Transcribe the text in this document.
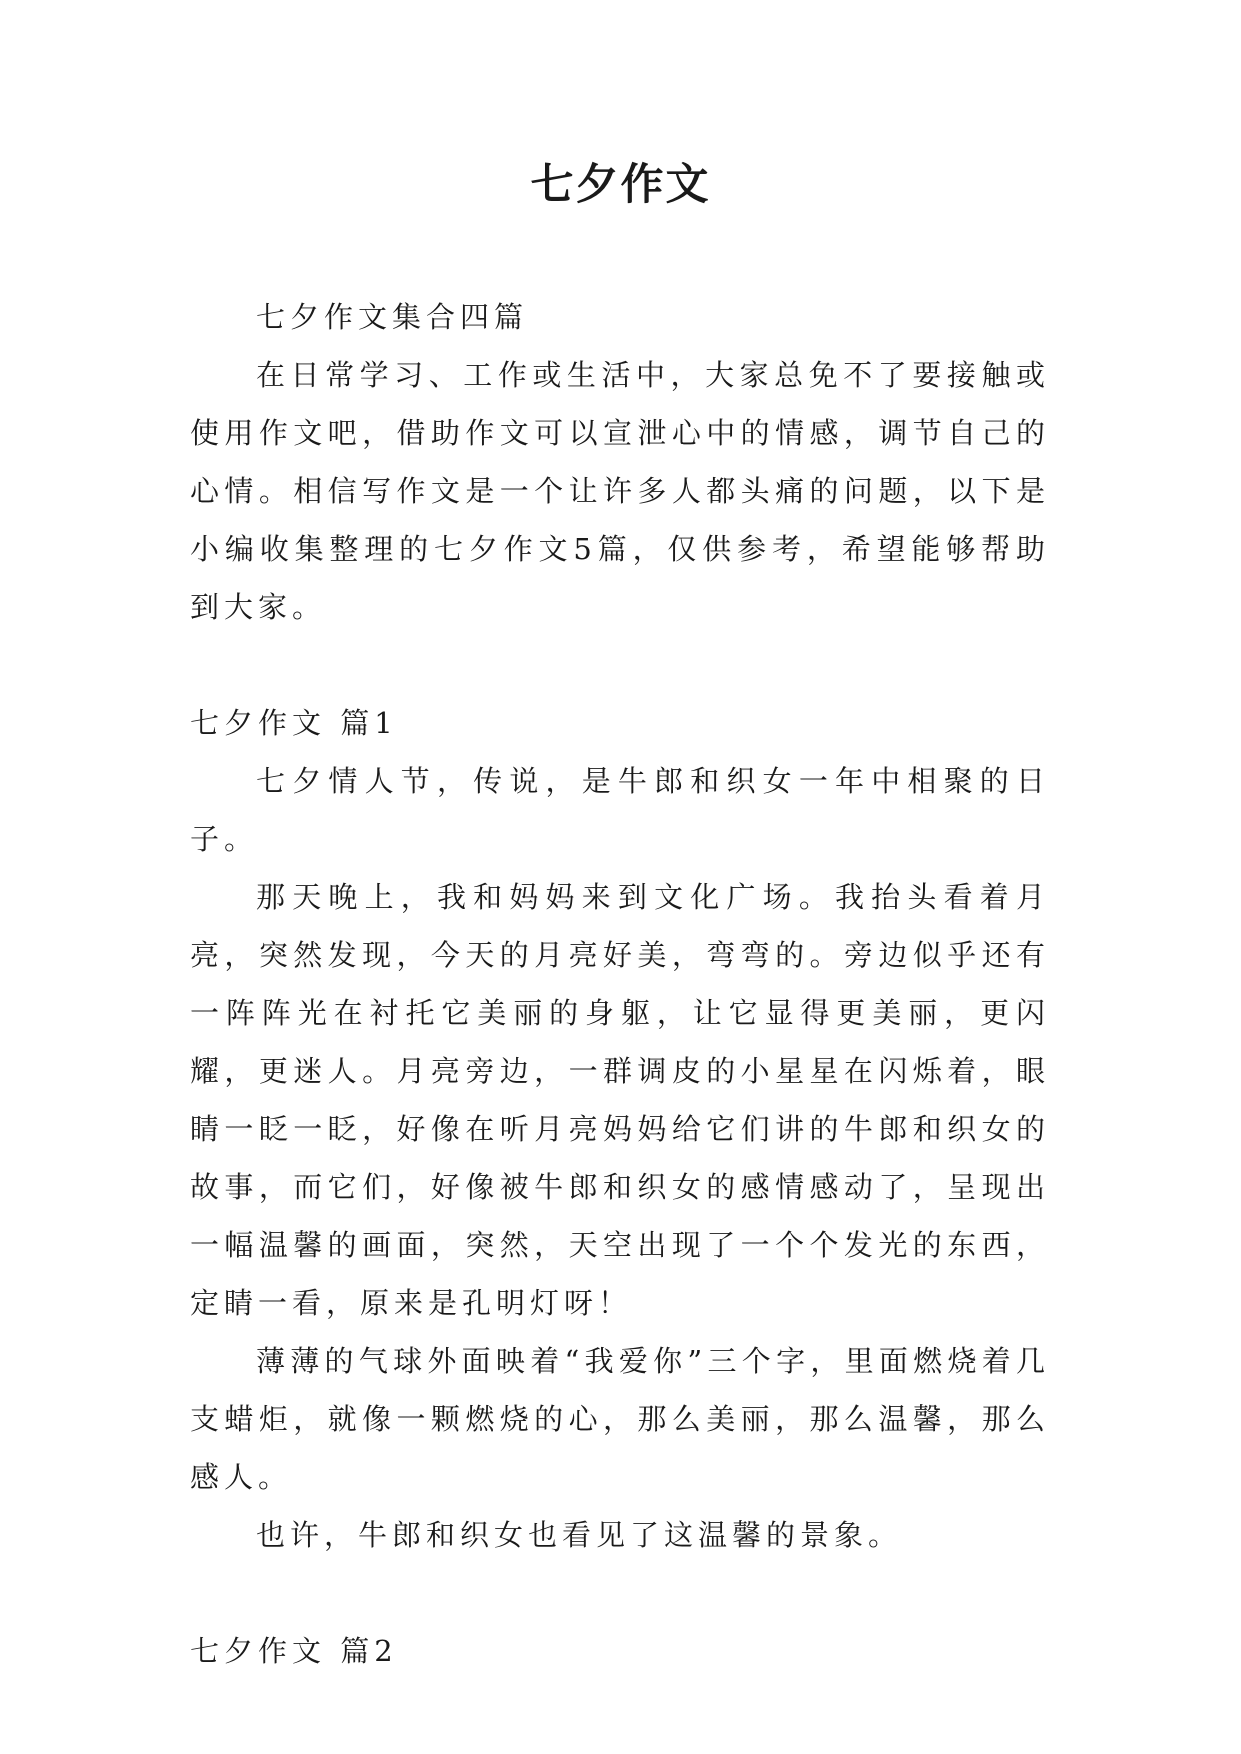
七夕作文

七夕作文集合四篇

在日常学习、工作或生活中，大家总免不了要接触或使用作文吧，借助作文可以宣泄心中的情感，调节自己的心情。相信写作文是一个让许多人都头痛的问题，以下是小编收集整理的七夕作文5篇，仅供参考，希望能够帮助到大家。

七夕作文 篇1

七夕情人节，传说，是牛郎和织女一年中相聚的日子。

那天晚上，我和妈妈来到文化广场。我抬头看着月亮，突然发现，今天的月亮好美，弯弯的。旁边似乎还有一阵阵光在衬托它美丽的身躯，让它显得更美丽，更闪耀，更迷人。月亮旁边，一群调皮的小星星在闪烁着，眼睛一眨一眨，好像在听月亮妈妈给它们讲的牛郎和织女的故事，而它们，好像被牛郎和织女的感情感动了，呈现出一幅温馨的画面，突然，天空出现了一个个发光的东西，定睛一看，原来是孔明灯呀！

薄薄的气球外面映着“我爱你”三个字，里面燃烧着几支蜡炬，就像一颗燃烧的心，那么美丽，那么温馨，那么感人。

也许，牛郎和织女也看见了这温馨的景象。

七夕作文 篇2
